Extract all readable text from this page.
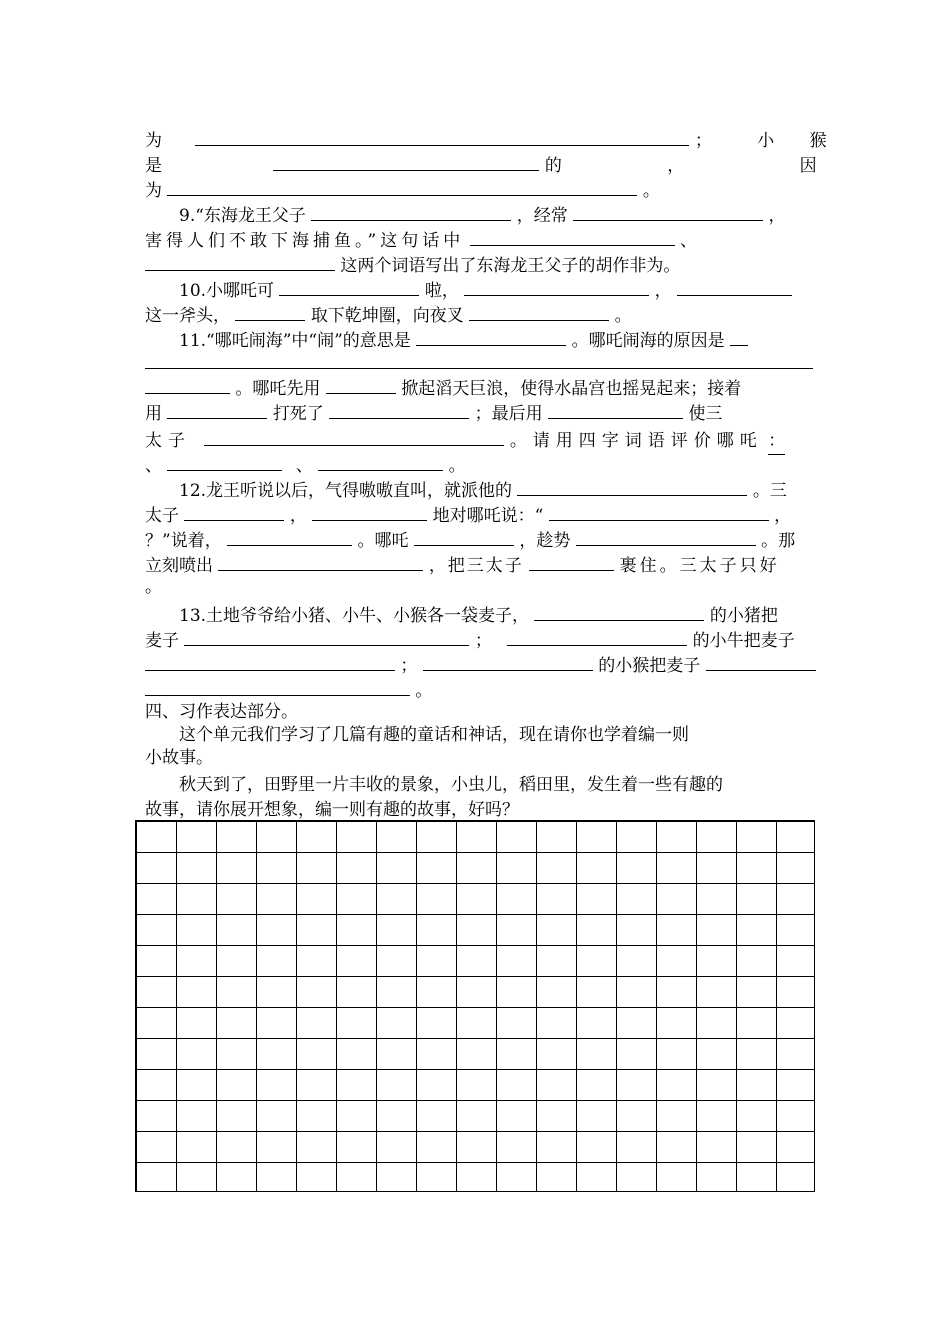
为	；	小 猴
是	的	，	因
为	。
9.“东海龙王父子	，经常	，
害得人们不敢下海捕鱼。”这句话中	、
这两个词语写出了东海龙王父子的胡作非为。
10.小哪吒可	啦，	，
这一斧头，	取下乾坤圈，向夜叉	。
11.“哪吒闹海”中“闹”的意思是	。哪吒闹海的原因是
。哪吒先用	掀起滔天巨浪，使得水晶宫也摇晃起来；接着
用	打死了	；最后用	使三
太子	。请用四字词语评价哪吒 ：
、	、	。
12.龙王听说以后，气得嗷嗷直叫，就派他的	。三
太子	，	地对哪吒说：“	，
？”说着，	。哪吒	，趁势	。那
立刻喷出	，把三太子	裹住。三太子只好
。
13.土地爷爷给小猪、小牛、小猴各一袋麦子，	的小猪把
麦子	；	的小牛把麦子
；	的小猴把麦子
。
四、习作表达部分。
这个单元我们学习了几篇有趣的童话和神话，现在请你也学着编一则
小故事。
秋天到了，田野里一片丰收的景象，小虫儿，稻田里，发生着一些有趣的
故事，请你展开想象，编一则有趣的故事，好吗？
